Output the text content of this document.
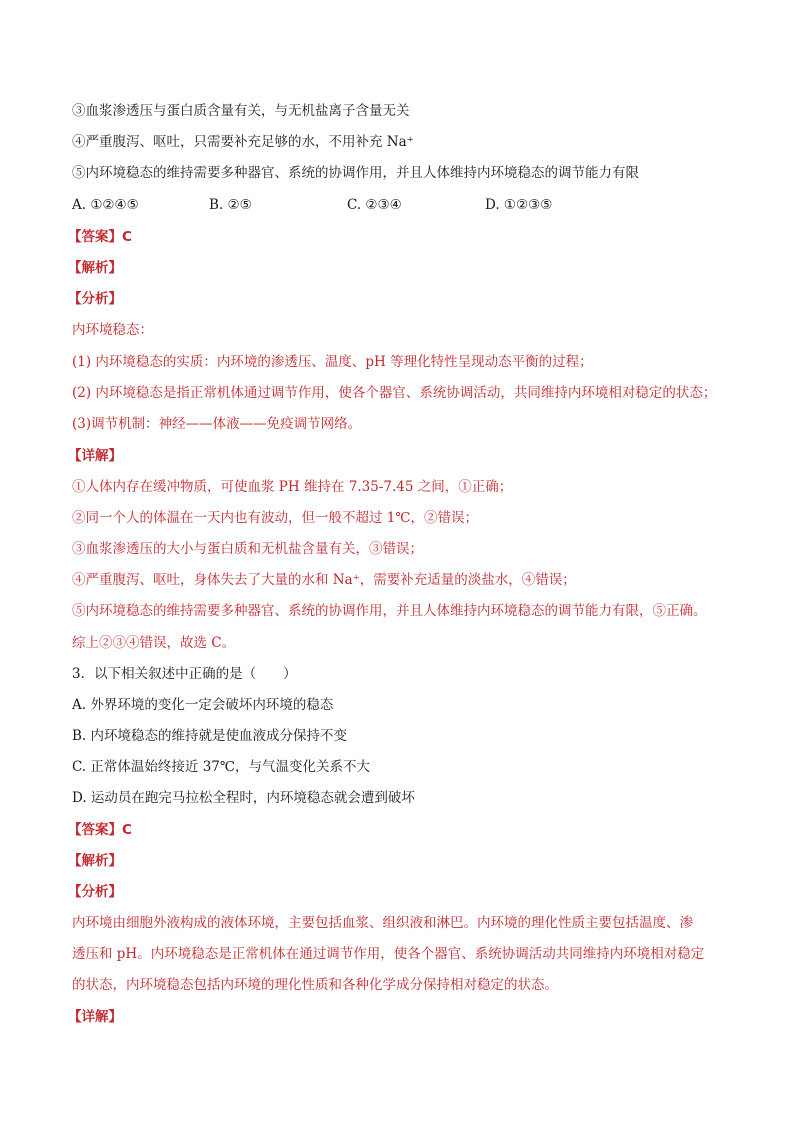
③血浆渗透压与蛋白质含量有关，与无机盐离子含量无关
④严重腹泻、呕吐，只需要补充足够的水，不用补充 Na⁺
⑤内环境稳态的维持需要多种器官、系统的协调作用，并且人体维持内环境稳态的调节能力有限
A. ①②④⑤	B. ②⑤	C. ②③④	D. ①②③⑤
【答案】C
【解析】
【分析】
内环境稳态：
(1) 内环境稳态的实质：内环境的渗透压、温度、pH 等理化特性呈现动态平衡的过程；
(2) 内环境稳态是指正常机体通过调节作用，使各个器官、系统协调活动，共同维持内环境相对稳定的状态；
(3)调节机制：神经——体液——免疫调节网络。
【详解】
①人体内存在缓冲物质，可使血浆 PH 维持在 7.35-7.45 之间，①正确；
②同一个人的体温在一天内也有波动，但一般不超过 1℃，②错误；
③血浆渗透压的大小与蛋白质和无机盐含量有关，③错误；
④严重腹泻、呕吐，身体失去了大量的水和 Na⁺，需要补充适量的淡盐水，④错误；
⑤内环境稳态的维持需要多种器官、系统的协调作用，并且人体维持内环境稳态的调节能力有限，⑤正确。
综上②③④错误，故选 C。
3．以下相关叙述中正确的是（　　）
A. 外界环境的变化一定会破坏内环境的稳态
B. 内环境稳态的维持就是使血液成分保持不变
C. 正常体温始终接近 37℃，与气温变化关系不大
D. 运动员在跑完马拉松全程时，内环境稳态就会遭到破坏
【答案】C
【解析】
【分析】
内环境由细胞外液构成的液体环境，主要包括血浆、组织液和淋巴。内环境的理化性质主要包括温度、渗
透压和 pH。内环境稳态是正常机体在通过调节作用，使各个器官、系统协调活动共同维持内环境相对稳定
的状态，内环境稳态包括内环境的理化性质和各种化学成分保持相对稳定的状态。
【详解】
